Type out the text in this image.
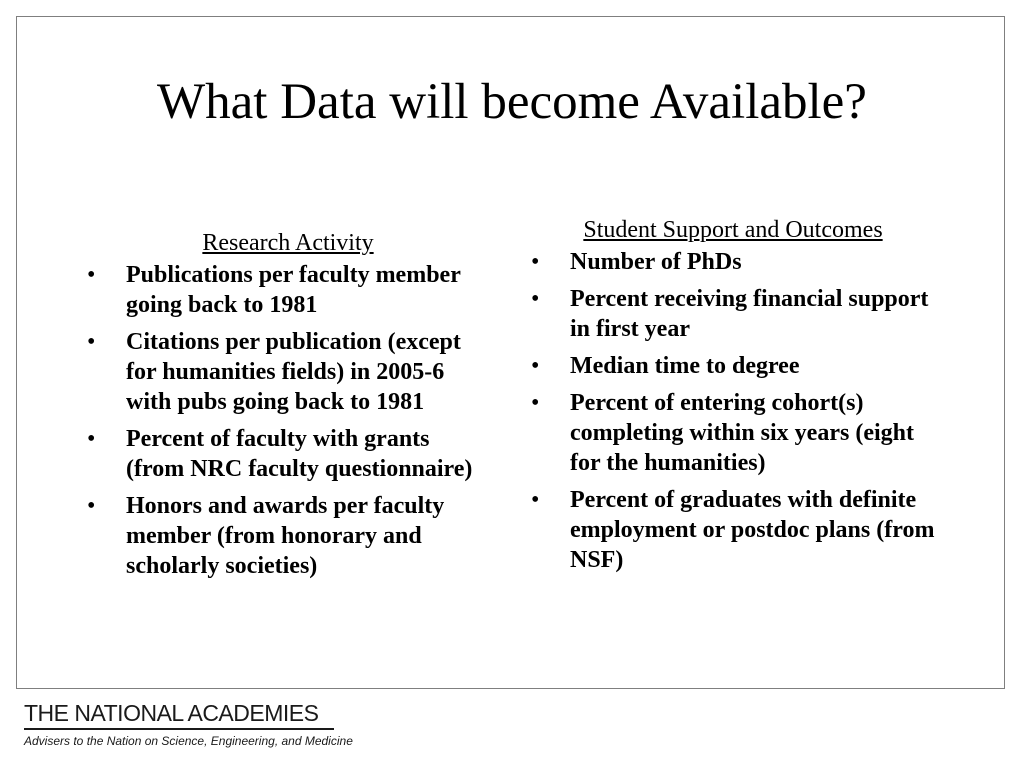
What Data will become Available?
Research Activity
• Publications per faculty member going back to 1981
• Citations per publication (except for humanities fields) in 2005-6 with pubs going back to 1981
• Percent of faculty with grants (from NRC faculty questionnaire)
• Honors and awards per faculty member (from honorary and scholarly societies)
Student Support and Outcomes
• Number of PhDs
• Percent receiving financial support in first year
• Median time to degree
• Percent of entering cohort(s) completing within six years (eight for the humanities)
• Percent of graduates with definite employment or postdoc plans (from NSF)
THE NATIONAL ACADEMIES
Advisers to the Nation on Science, Engineering, and Medicine
